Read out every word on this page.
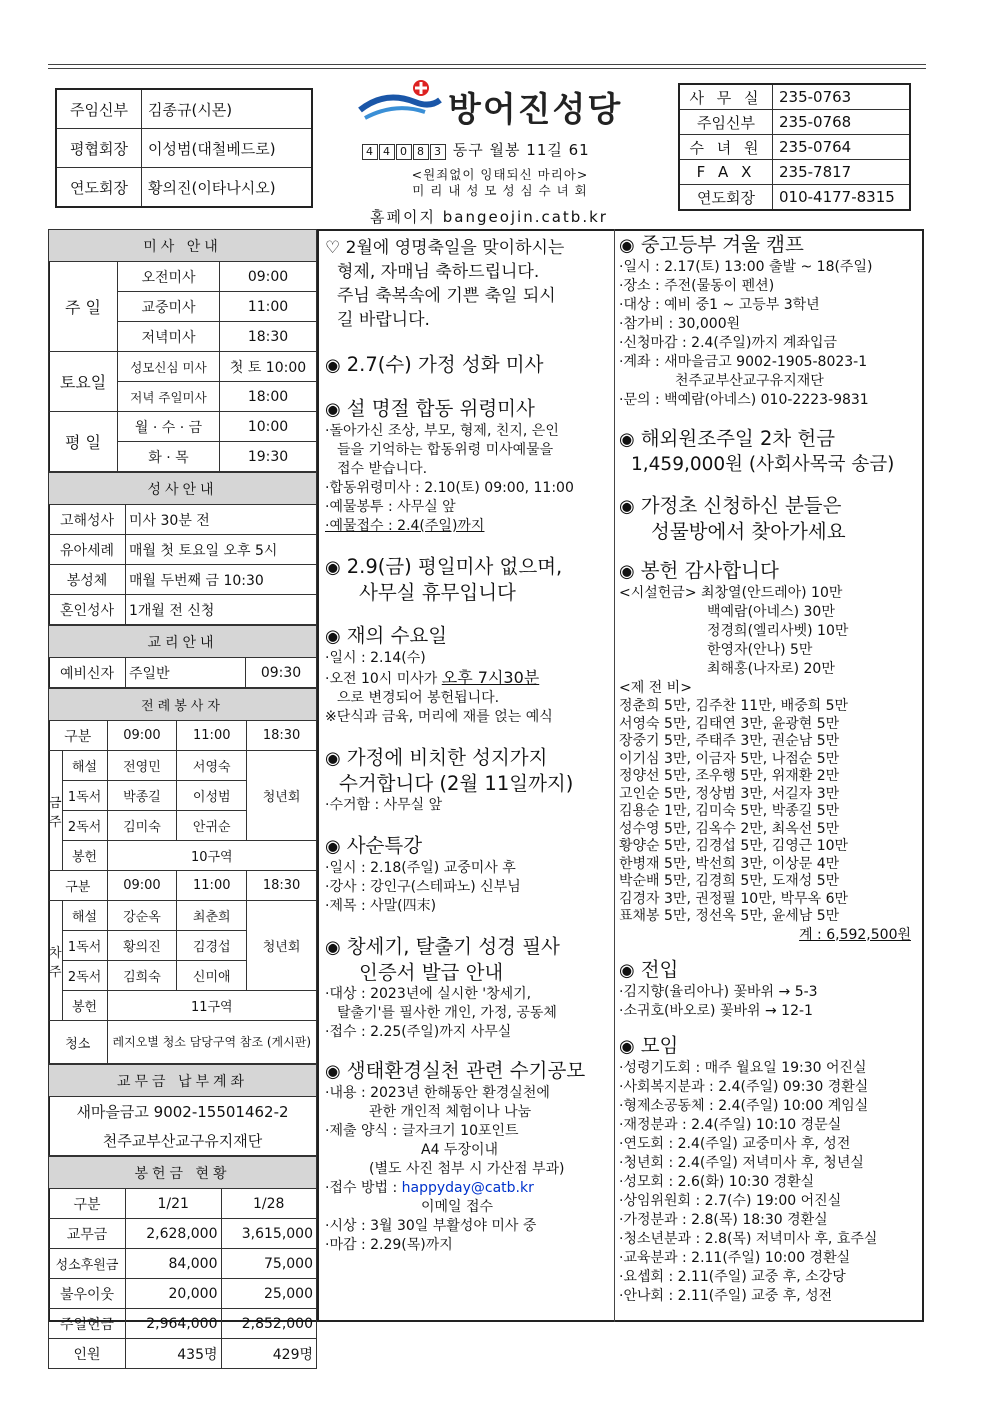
주임신부	김종규(시몬)
평협회장	이성범(대철베드로)
연도회장	황의진(이타나시오)
방어진성당
4 4 0 8 3 동구 월봉 11길 61
<원죄없이 잉태되신 마리아>
미 리 내 성 모 성 심 수 녀 회
홈페이지 bangeojin.catb.kr
사 무 실	235-0763
주임신부	235-0768
수 녀 원	235-0764
F A X	235-7817
연도회장	010-4177-8315
미사 안내		
주 일	오전미사	09:00
	교중미사	11:00
	저녁미사	18:30
토요일	성모신심 미사	첫 토 10:00
	저녁 주일미사	18:00
평 일	월 · 수 · 금	10:00
	화 · 목	19:30
성사안내	
고해성사	미사 30분 전
유아세례	매월 첫 토요일 오후 5시
봉성체	매월 두번째 금 10:30
혼인성사	1개월 전 신청
교리안내
예비신자	주일반	09:30
전례봉사자				
구분		09:00	11:00	18:30
금주	해설	전영민	서영숙	청년회
	1독서	박종길	이성범	
	2독서	김미숙	안귀순	
	봉헌	10구역		
구분		09:00	11:00	18:30
차주	해설	강순옥	최춘희	청년회
	1독서	황의진	김경섭	
	2독서	김희숙	신미애	
	봉헌	11구역		
청소		레지오별 청소 담당구역 참조 (게시판)		
교무금 납부계좌
새마을금고 9002-15501462-2
천주교부산교구유지재단
봉헌금 현황		
구분	1/21	1/28
교무금	2,628,000	3,615,000
성소후원금	84,000	75,000
불우이웃	20,000	25,000
주일헌금	2,964,000	2,852,000
인원	435명	429명

♡ 2월에 영명축일을 맞이하시는

형제, 자매님 축하드립니다.

주님 축복속에 기쁜 축일 되시

길 바랍니다.

◉ 2.7(수) 가정 성화 미사

◉ 설 명절 합동 위령미사

·돌아가신 조상, 부모, 형제, 친지, 은인

들을 기억하는 합동위령 미사예물을

접수 받습니다.

·합동위령미사 : 2.10(토) 09:00, 11:00

·예물봉투 : 사무실 앞

·예물접수 : 2.4(주일)까지

◉ 2.9(금) 평일미사 없으며,

사무실 휴무입니다

◉ 재의 수요일

·일시 : 2.14(수)

·오전 10시 미사가 오후 7시30분

으로 변경되어 봉헌됩니다.

※단식과 금육, 머리에 재를 얹는 예식

◉ 가정에 비치한 성지가지

수거합니다 (2월 11일까지)

·수거함 : 사무실 앞

◉ 사순특강

·일시 : 2.18(주일) 교중미사 후

·강사 : 강인구(스테파노) 신부님

·제목 : 사말(四末)

◉ 창세기, 탈출기 성경 필사

인증서 발급 안내

·대상 : 2023년에 실시한 '창세기,

탈출기'를 필사한 개인, 가정, 공동체

·접수 : 2.25(주일)까지 사무실

◉ 생태환경실천 관련 수기공모

·내용 : 2023년 한해동안 환경실천에

관한 개인적 체험이나 나눔

·제출 양식 : 글자크기 10포인트

A4 두장이내

(별도 사진 첨부 시 가산점 부과)

·접수 방법 : happyday@catb.kr

이메일 접수

·시상 : 3월 30일 부활성야 미사 중

·마감 : 2.29(목)까지

◉ 중고등부 겨울 캠프

·일시 : 2.17(토) 13:00 출발 ~ 18(주일)

·장소 : 주전(물동이 펜션)

·대상 : 예비 중1 ~ 고등부 3학년

·참가비 : 30,000원

·신청마감 : 2.4(주일)까지 계좌입금

·계좌 : 새마을금고 9002-1905-8023-1

천주교부산교구유지재단

·문의 : 백예람(아네스) 010-2223-9831

◉ 해외원조주일 2차 헌금

1,459,000원 (사회사목국 송금)

◉ 가정초 신청하신 분들은

성물방에서 찾아가세요

◉ 봉헌 감사합니다

<시설헌금> 최창열(안드레아) 10만

백예람(아네스) 30만

정경희(엘리사벳) 10만

한영자(안나) 5만

최해홍(나자로) 20만

<제 전 비>

정춘희 5만, 김주찬 11만, 배중희 5만

서영숙 5만, 김태연 3만, 윤광현 5만

장중기 5만, 주태주 3만, 권순남 5만

이기심 3만, 이금자 5만, 나점순 5만

정양선 5만, 조우행 5만, 위재환 2만

고인순 5만, 정상범 3만, 서길자 3만

김용순 1만, 김미숙 5만, 박종길 5만

성수영 5만, 김옥수 2만, 최옥선 5만

황양순 5만, 김경섭 5만, 김영근 10만

한병재 5만, 박선희 3만, 이상문 4만

박순배 5만, 김경희 5만, 도재성 5만

김경자 3만, 권정필 10만, 박무옥 6만

표채봉 5만, 정선옥 5만, 윤세남 5만

계 : 6,592,500원

◉ 전입

·김지향(율리아나) 꽃바위 → 5-3

·소귀호(바오로) 꽃바위 → 12-1

◉ 모임

·성령기도회 : 매주 월요일 19:30 어진실

·사회복지분과 : 2.4(주일) 09:30 경환실

·형제소공동체 : 2.4(주일) 10:00 계임실

·재정분과 : 2.4(주일) 10:10 경문실

·연도회 : 2.4(주일) 교중미사 후, 성전

·청년회 : 2.4(주일) 저녁미사 후, 청년실

·성모회 : 2.6(화) 10:30 경환실

·상임위원회 : 2.7(수) 19:00 어진실

·가정분과 : 2.8(목) 18:30 경환실

·청소년분과 : 2.8(목) 저녁미사 후, 효주실

·교육분과 : 2.11(주일) 10:00 경환실

·요셉회 : 2.11(주일) 교중 후, 소강당

·안나회 : 2.11(주일) 교중 후, 성전
